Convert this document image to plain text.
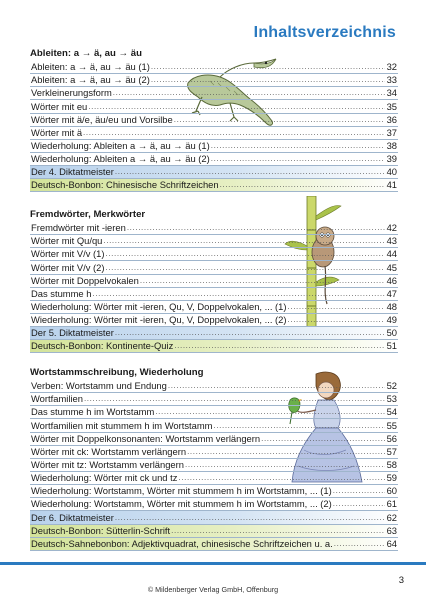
Inhaltsverzeichnis
Ableiten: a → ä, au → äu
Ableiten: a → ä, au → äu (1) . . .	32
Ableiten: a → ä, au → äu (2) . . .	33
Verkleinerungsform . . .	34
Wörter mit eu . . .	35
Wörter mit ä/e, äu/eu und Vorsilbe . . .	36
Wörter mit ä . . .	37
Wiederholung: Ableiten a → ä, au → äu (1) . . .	38
Wiederholung: Ableiten a → ä, au → äu (2) . . .	39
Der 4. Diktatmeister . . .	40
Deutsch-Bonbon: Chinesische Schriftzeichen . . .	41
Fremdwörter, Merkwörter
Fremdwörter mit -ieren . . .	42
Wörter mit Qu/qu . . .	43
Wörter mit V/v (1) . . .	44
Wörter mit V/v (2) . . .	45
Wörter mit Doppelvokalen . . .	46
Das stumme h . . .	47
Wiederholung: Wörter mit -ieren, Qu, V, Doppelvokalen, ... (1) . . .	48
Wiederholung: Wörter mit -ieren, Qu, V, Doppelvokalen, ... (2) . . .	49
Der 5. Diktatmeister . . .	50
Deutsch-Bonbon: Kontinente-Quiz . . .	51
Wortstammschreibung, Wiederholung
Verben: Wortstamm und Endung . . .	52
Wortfamilien . . .	53
Das stumme h im Wortstamm . . .	54
Wortfamilien mit stummem h im Wortstamm . . .	55
Wörter mit Doppelkonsonanten: Wortstamm verlängern . . .	56
Wörter mit ck: Wortstamm verlängern . . .	57
Wörter mit tz: Wortstamm verlängern . . .	58
Wiederholung: Wörter mit ck und tz . . .	59
Wiederholung: Wortstamm, Wörter mit stummem h im Wortstamm, ... (1) . . .	60
Wiederholung: Wortstamm, Wörter mit stummem h im Wortstamm, ... (2) . . .	61
Der 6. Diktatmeister . . .	62
Deutsch-Bonbon: Sütterlin-Schrift . . .	63
Deutsch-Sahnebonbon: Adjektivquadrat, chinesische Schriftzeichen u. a. . . .	64
3
© Mildenberger Verlag GmbH, Offenburg
